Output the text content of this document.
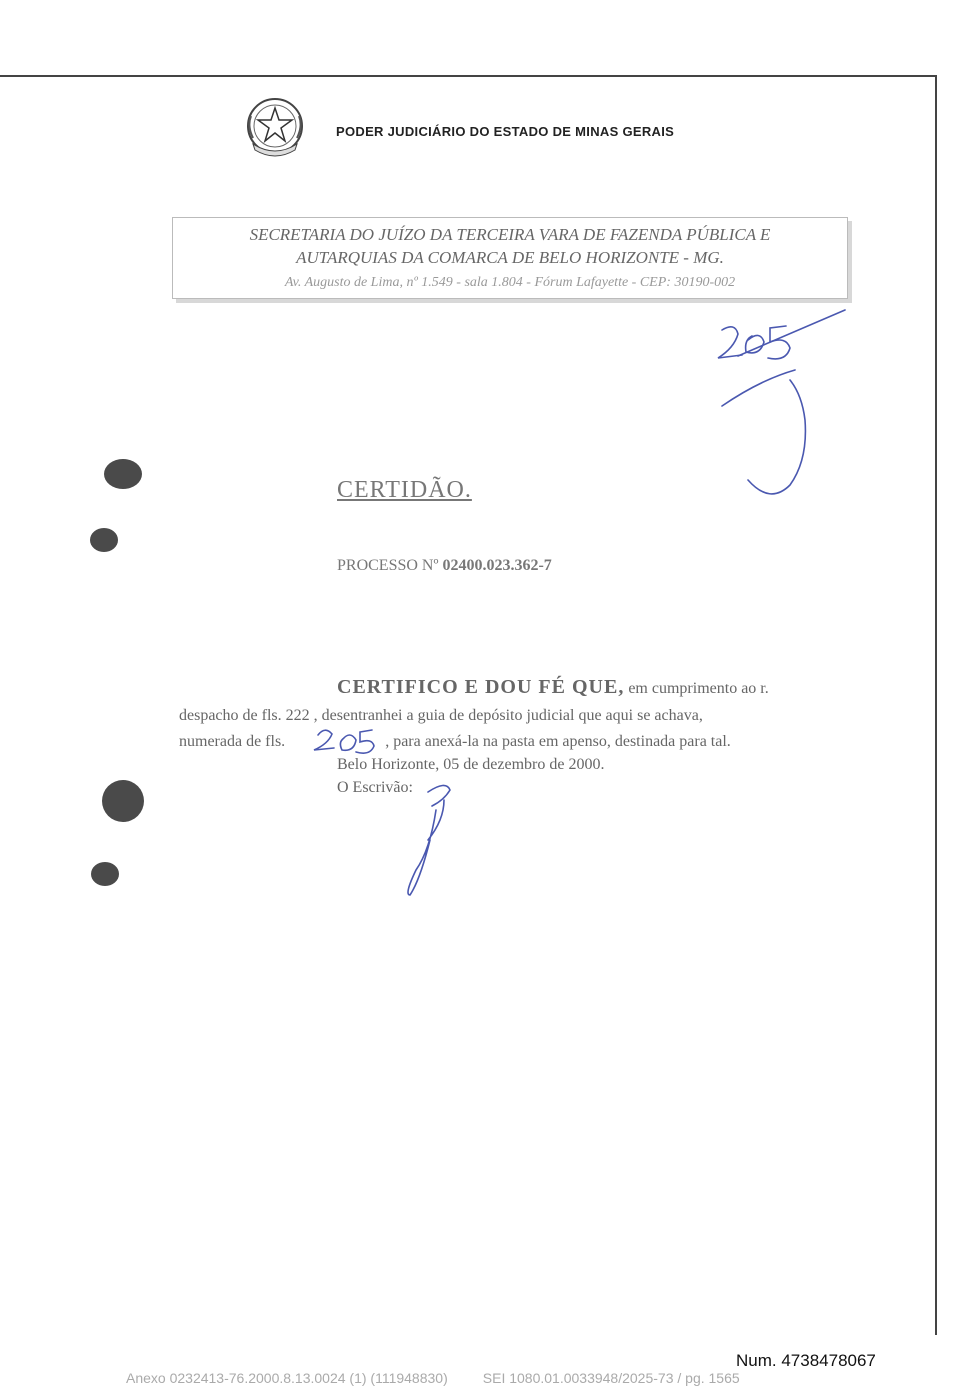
PODER JUDICIÁRIO DO ESTADO DE MINAS GERAIS
SECRETARIA DO JUÍZO DA TERCEIRA VARA DE FAZENDA PÚBLICA E
AUTARQUIAS DA COMARCA DE BELO HORIZONTE - MG.
Av. Augusto de Lima, nº 1.549 - sala 1.804 - Fórum Lafayette - CEP: 30190-002
CERTIDÃO.
PROCESSO Nº 02400.023.362-7
CERTIFICO E DOU FÉ QUE, em cumprimento ao r.
despacho de fls. 222 , desentranhei a guia de depósito judicial que aqui se achava,
numerada de fls.	, para anexá-la na pasta em apenso, destinada para tal.
Belo Horizonte, 05 de dezembro de 2000.
O Escrivão:
Num. 4738478067
Anexo 0232413-76.2000.8.13.0024 (1) (111948830)	SEI 1080.01.0033948/2025-73 / pg. 1565
